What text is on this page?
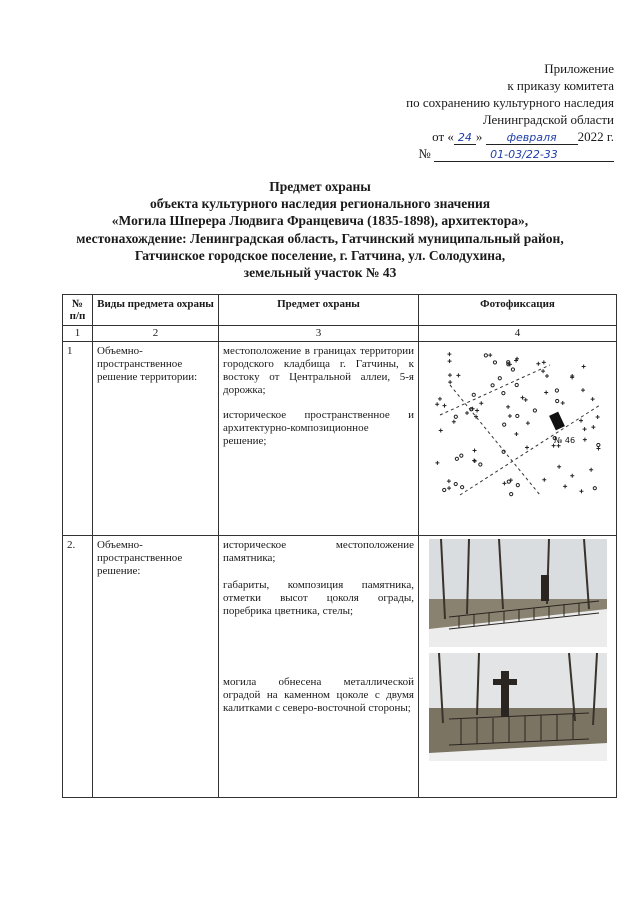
Приложение
к приказу комитета
по сохранению культурного наследия
Ленинградской области
от « 24 » февраля 2022 г.
№	01-03/22-33
Предмет охраны
объекта культурного наследия регионального значения
«Могила Шперера Людвига Францевича (1835-1898), архитектора»,
местонахождение: Ленинградская область, Гатчинский муниципальный район,
Гатчинское городское поселение, г. Гатчина, ул. Солодухина,
земельный участок № 43
№ п/п	Виды предмета охраны	Предмет охраны	Фотофиксация
1	2	3	4
1	Объемно-пространственное решение территории:	местоположение в границах территории городского кладбища г. Гатчины, к востоку от Центральной аллеи, 5-я дорожка;

историческое пространственное и архитектурно-композиционное решение;	№ 46

2.	Объемно-пространственное решение:	историческое местоположение памятника;

габариты, композиция памятника, отметки высот цоколя ограды, поребрика цветника, стелы;

могила обнесена металлической оградой на каменном цоколе с двумя калитками с северо-восточной стороны;
